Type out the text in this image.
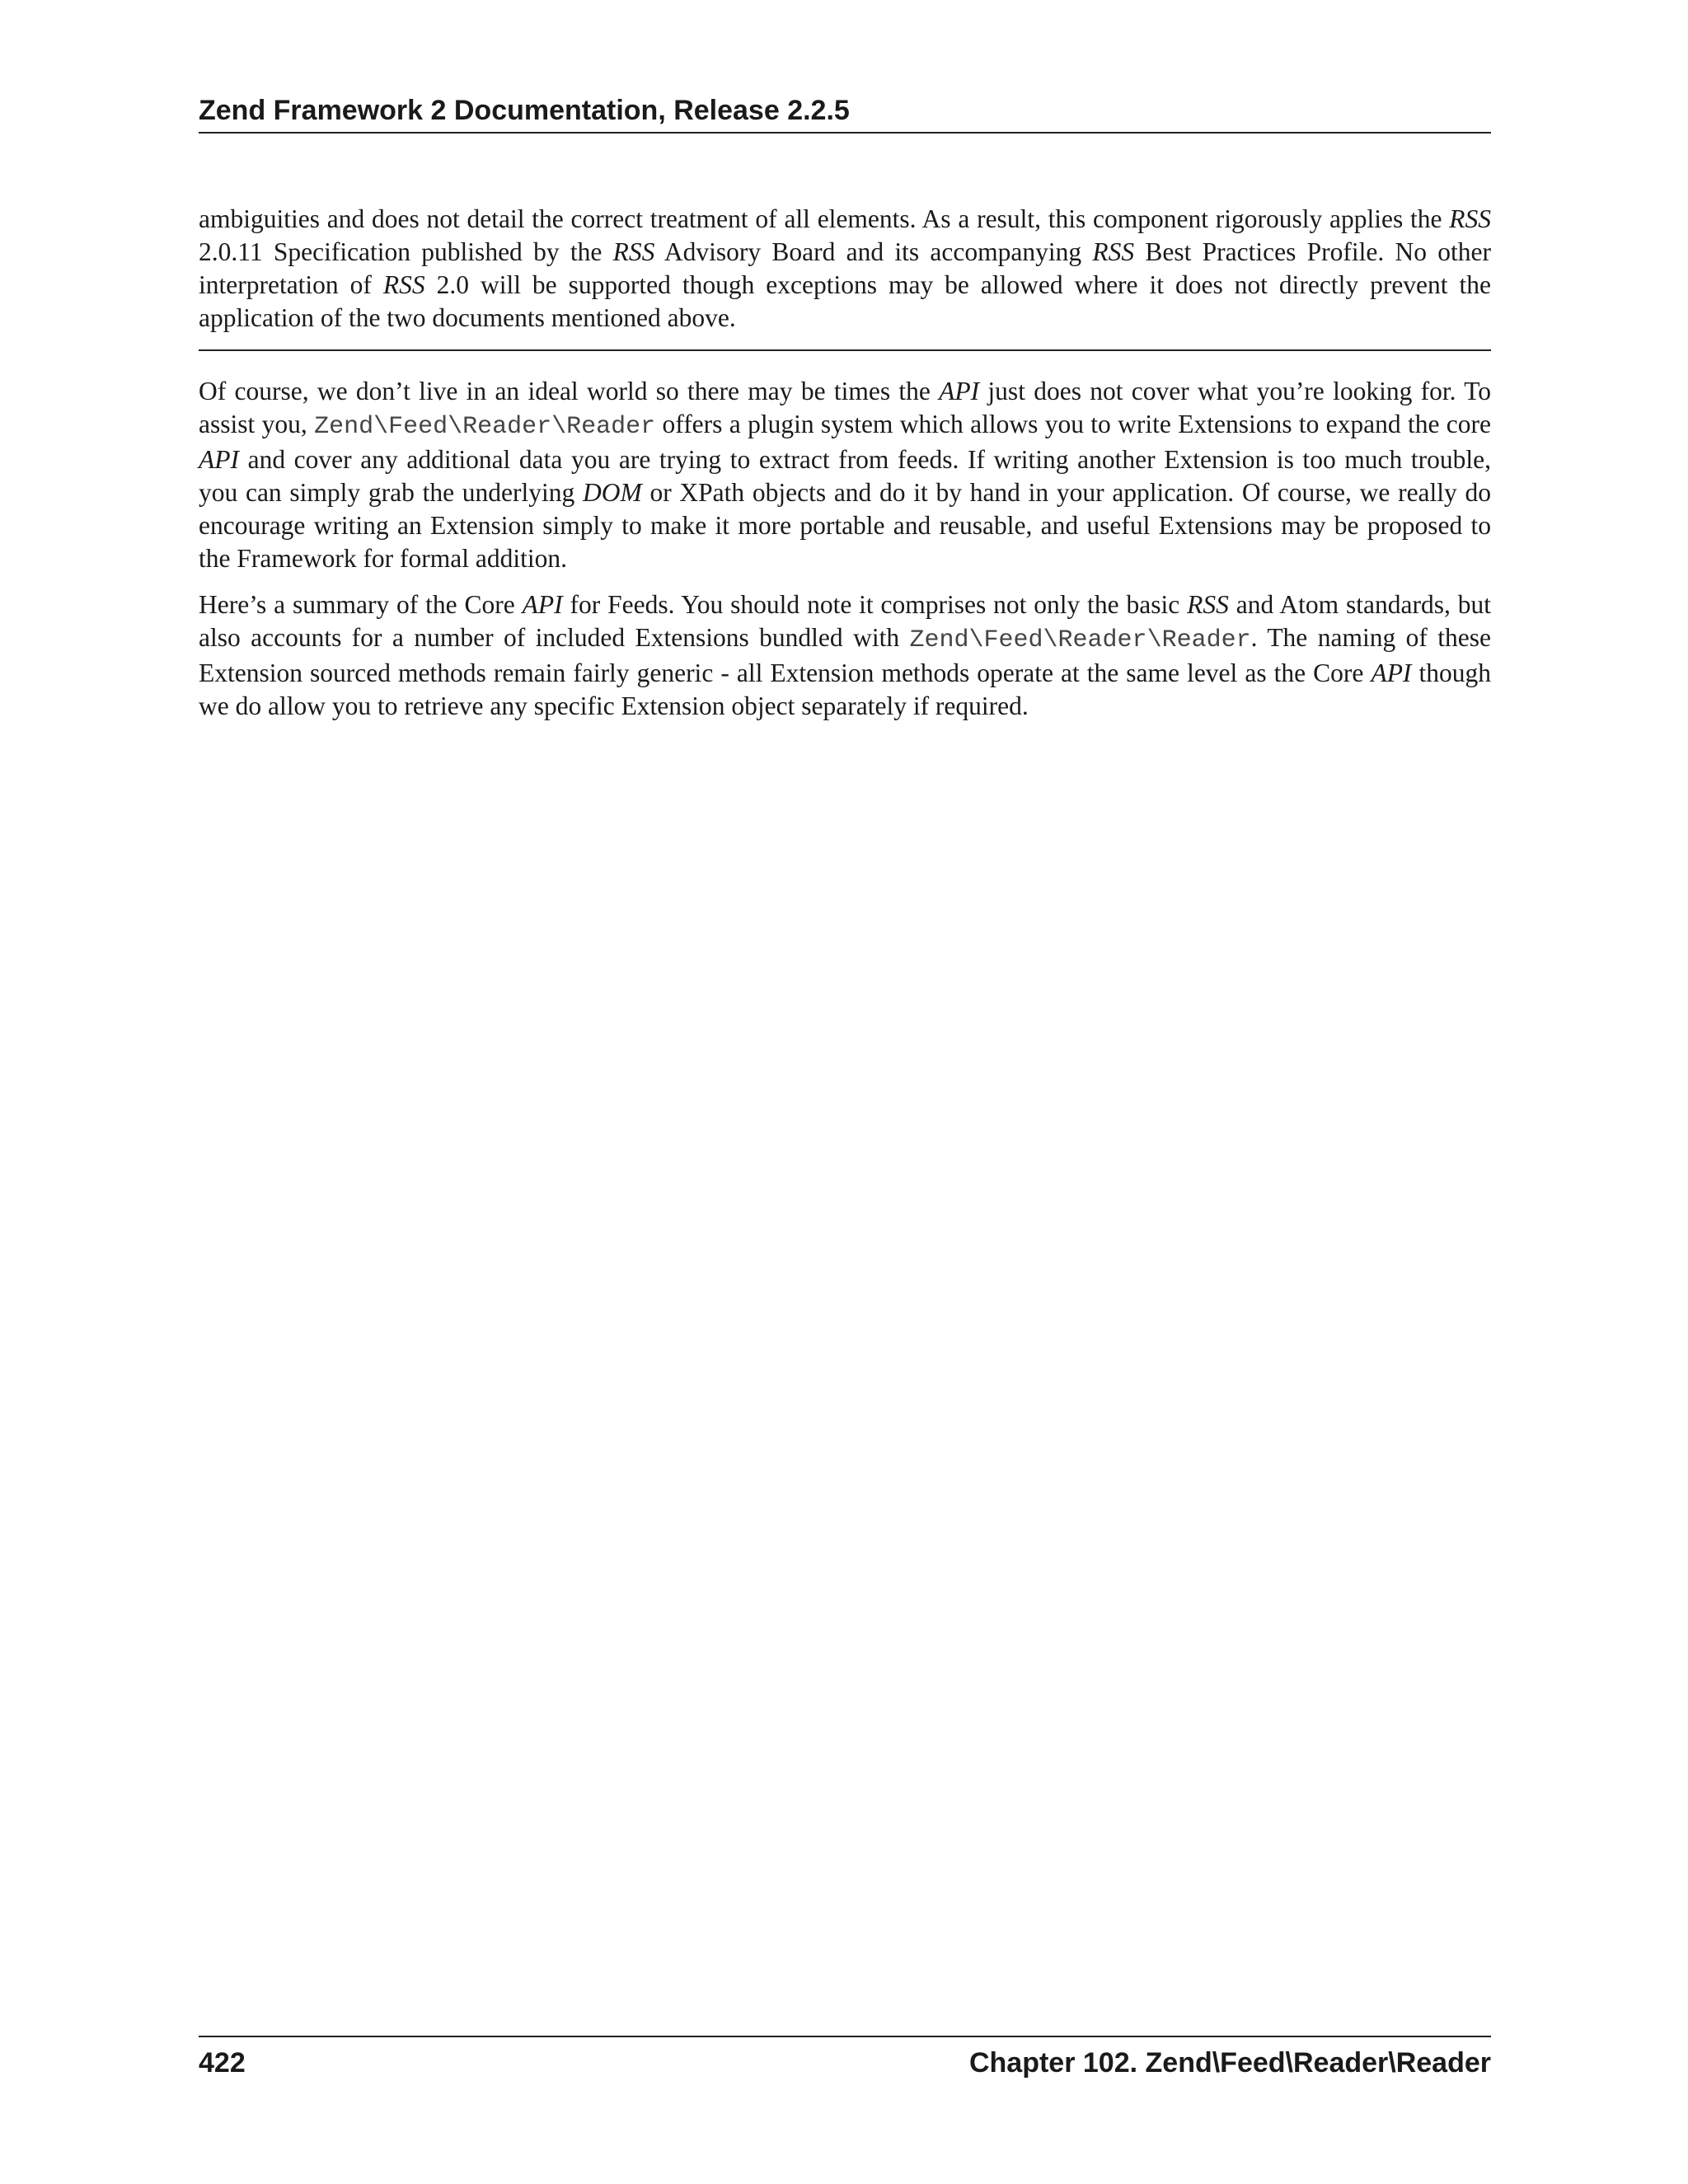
Zend Framework 2 Documentation, Release 2.2.5

ambiguities and does not detail the correct treatment of all elements. As a result, this component rigorously applies the RSS 2.0.11 Specification published by the RSS Advisory Board and its accompanying RSS Best Practices Profile. No other interpretation of RSS 2.0 will be supported though exceptions may be allowed where it does not directly prevent the application of the two documents mentioned above.

Of course, we don’t live in an ideal world so there may be times the API just does not cover what you’re looking for. To assist you, Zend\Feed\Reader\Reader offers a plugin system which allows you to write Extensions to expand the core API and cover any additional data you are trying to extract from feeds. If writing another Extension is too much trouble, you can simply grab the underlying DOM or XPath objects and do it by hand in your application. Of course, we really do encourage writing an Extension simply to make it more portable and reusable, and useful Extensions may be proposed to the Framework for formal addition.

Here’s a summary of the Core API for Feeds. You should note it comprises not only the basic RSS and Atom standards, but also accounts for a number of included Extensions bundled with Zend\Feed\Reader\Reader. The naming of these Extension sourced methods remain fairly generic - all Extension methods operate at the same level as the Core API though we do allow you to retrieve any specific Extension object separately if required.

422	Chapter 102. Zend\Feed\Reader\Reader
